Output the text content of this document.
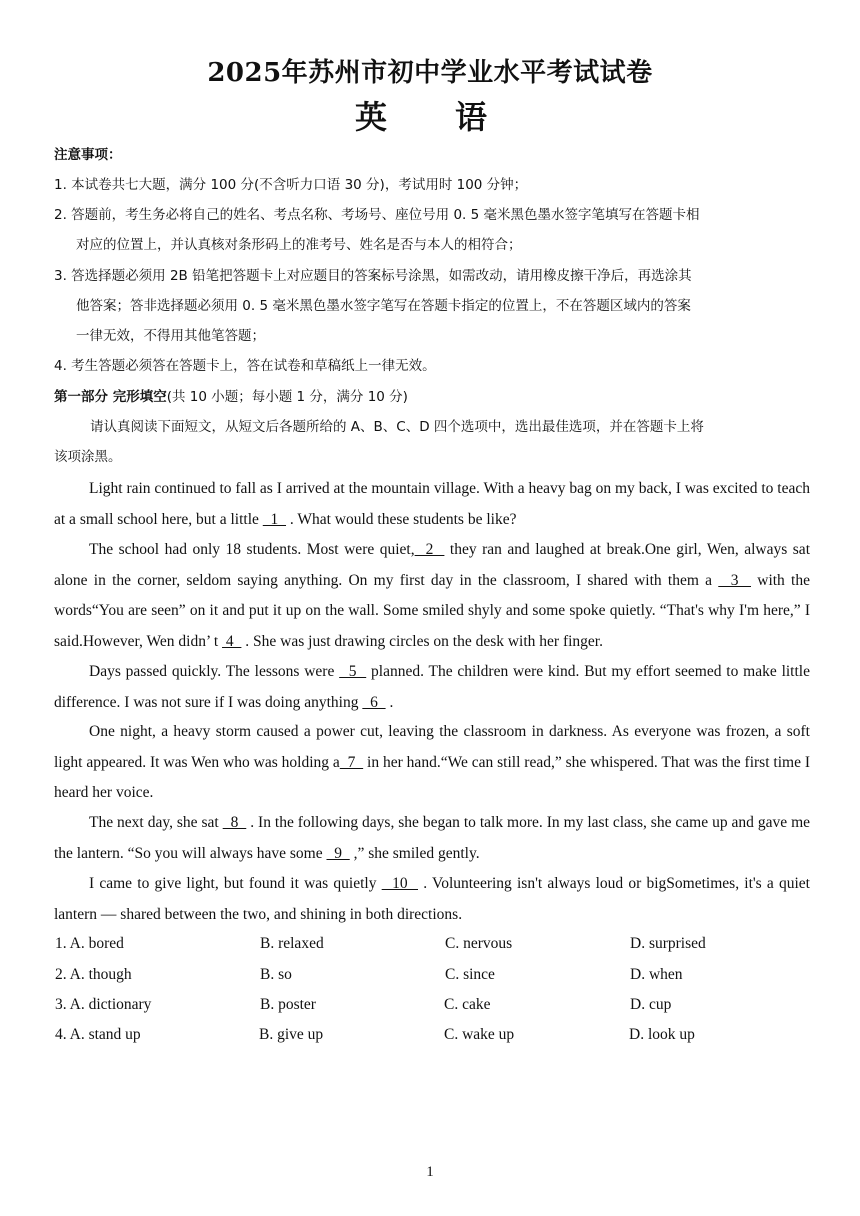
2025年苏州市初中学业水平考试试卷
英　语
注意事项：
1. 本试卷共七大题，满分 100 分(不含听力口语 30 分)，考试用时 100 分钟；
2. 答题前，考生务必将自己的姓名、考点名称、考场号、座位号用 0. 5 毫米黑色墨水签字笔填写在答题卡相
对应的位置上，并认真核对条形码上的准考号、姓名是否与本人的相符合；
3. 答选择题必须用 2B 铅笔把答题卡上对应题目的答案标号涂黑，如需改动，请用橡皮擦干净后，再选涂其
他答案；答非选择题必须用 0. 5 毫米黑色墨水签字笔写在答题卡指定的位置上，不在答题区域内的答案
一律无效，不得用其他笔答题；
4. 考生答题必须答在答题卡上，答在试卷和草稿纸上一律无效。
第一部分 完形填空(共 10 小题；每小题 1 分，满分 10 分)
请认真阅读下面短文，从短文后各题所给的 A、B、C、D 四个选项中，选出最佳选项，并在答题卡上将
该项涂黑。
Light rain continued to fall as I arrived at the mountain village. With a heavy bag on my back, I was excited to teach at a small school here, but a little   1   . What would these students be like?
The school had only 18 students. Most were quiet,  2   they ran and laughed at break.One girl, Wen, always sat alone in the corner, seldom saying anything. On my first day in the classroom, I shared with them a   3   with the words“You are seen” on it and put it up on the wall. Some smiled shyly and some spoke quietly. “That's why I'm here,” I said.However, Wen didn’ t  4   . She was just drawing circles on the desk with her finger.
Days passed quickly. The lessons were   5   planned. The children were kind. But my effort seemed to make little difference. I was not sure if I was doing anything   6   .
One night, a heavy storm caused a power cut, leaving the classroom in darkness. As everyone was frozen, a soft light appeared. It was Wen who was holding a  7   in her hand.“We can still read,” she whispered. That was the first time I heard her voice.
The next day, she sat   8   . In the following days, she began to talk more. In my last class, she came up and gave me the lantern. “So you will always have some   9   ,” she smiled gently.
I came to give light, but found it was quietly   10   . Volunteering isn't always loud or bigSometimes, it's a quiet lantern — shared between the two, and shining in both directions.
1. A. bored	B. relaxed	C. nervous	D. surprised
2. A. though	B. so	C. since	D. when
3. A. dictionary	B. poster	C. cake	D. cup
4. A. stand up	B. give up	C. wake up	D. look up
1
